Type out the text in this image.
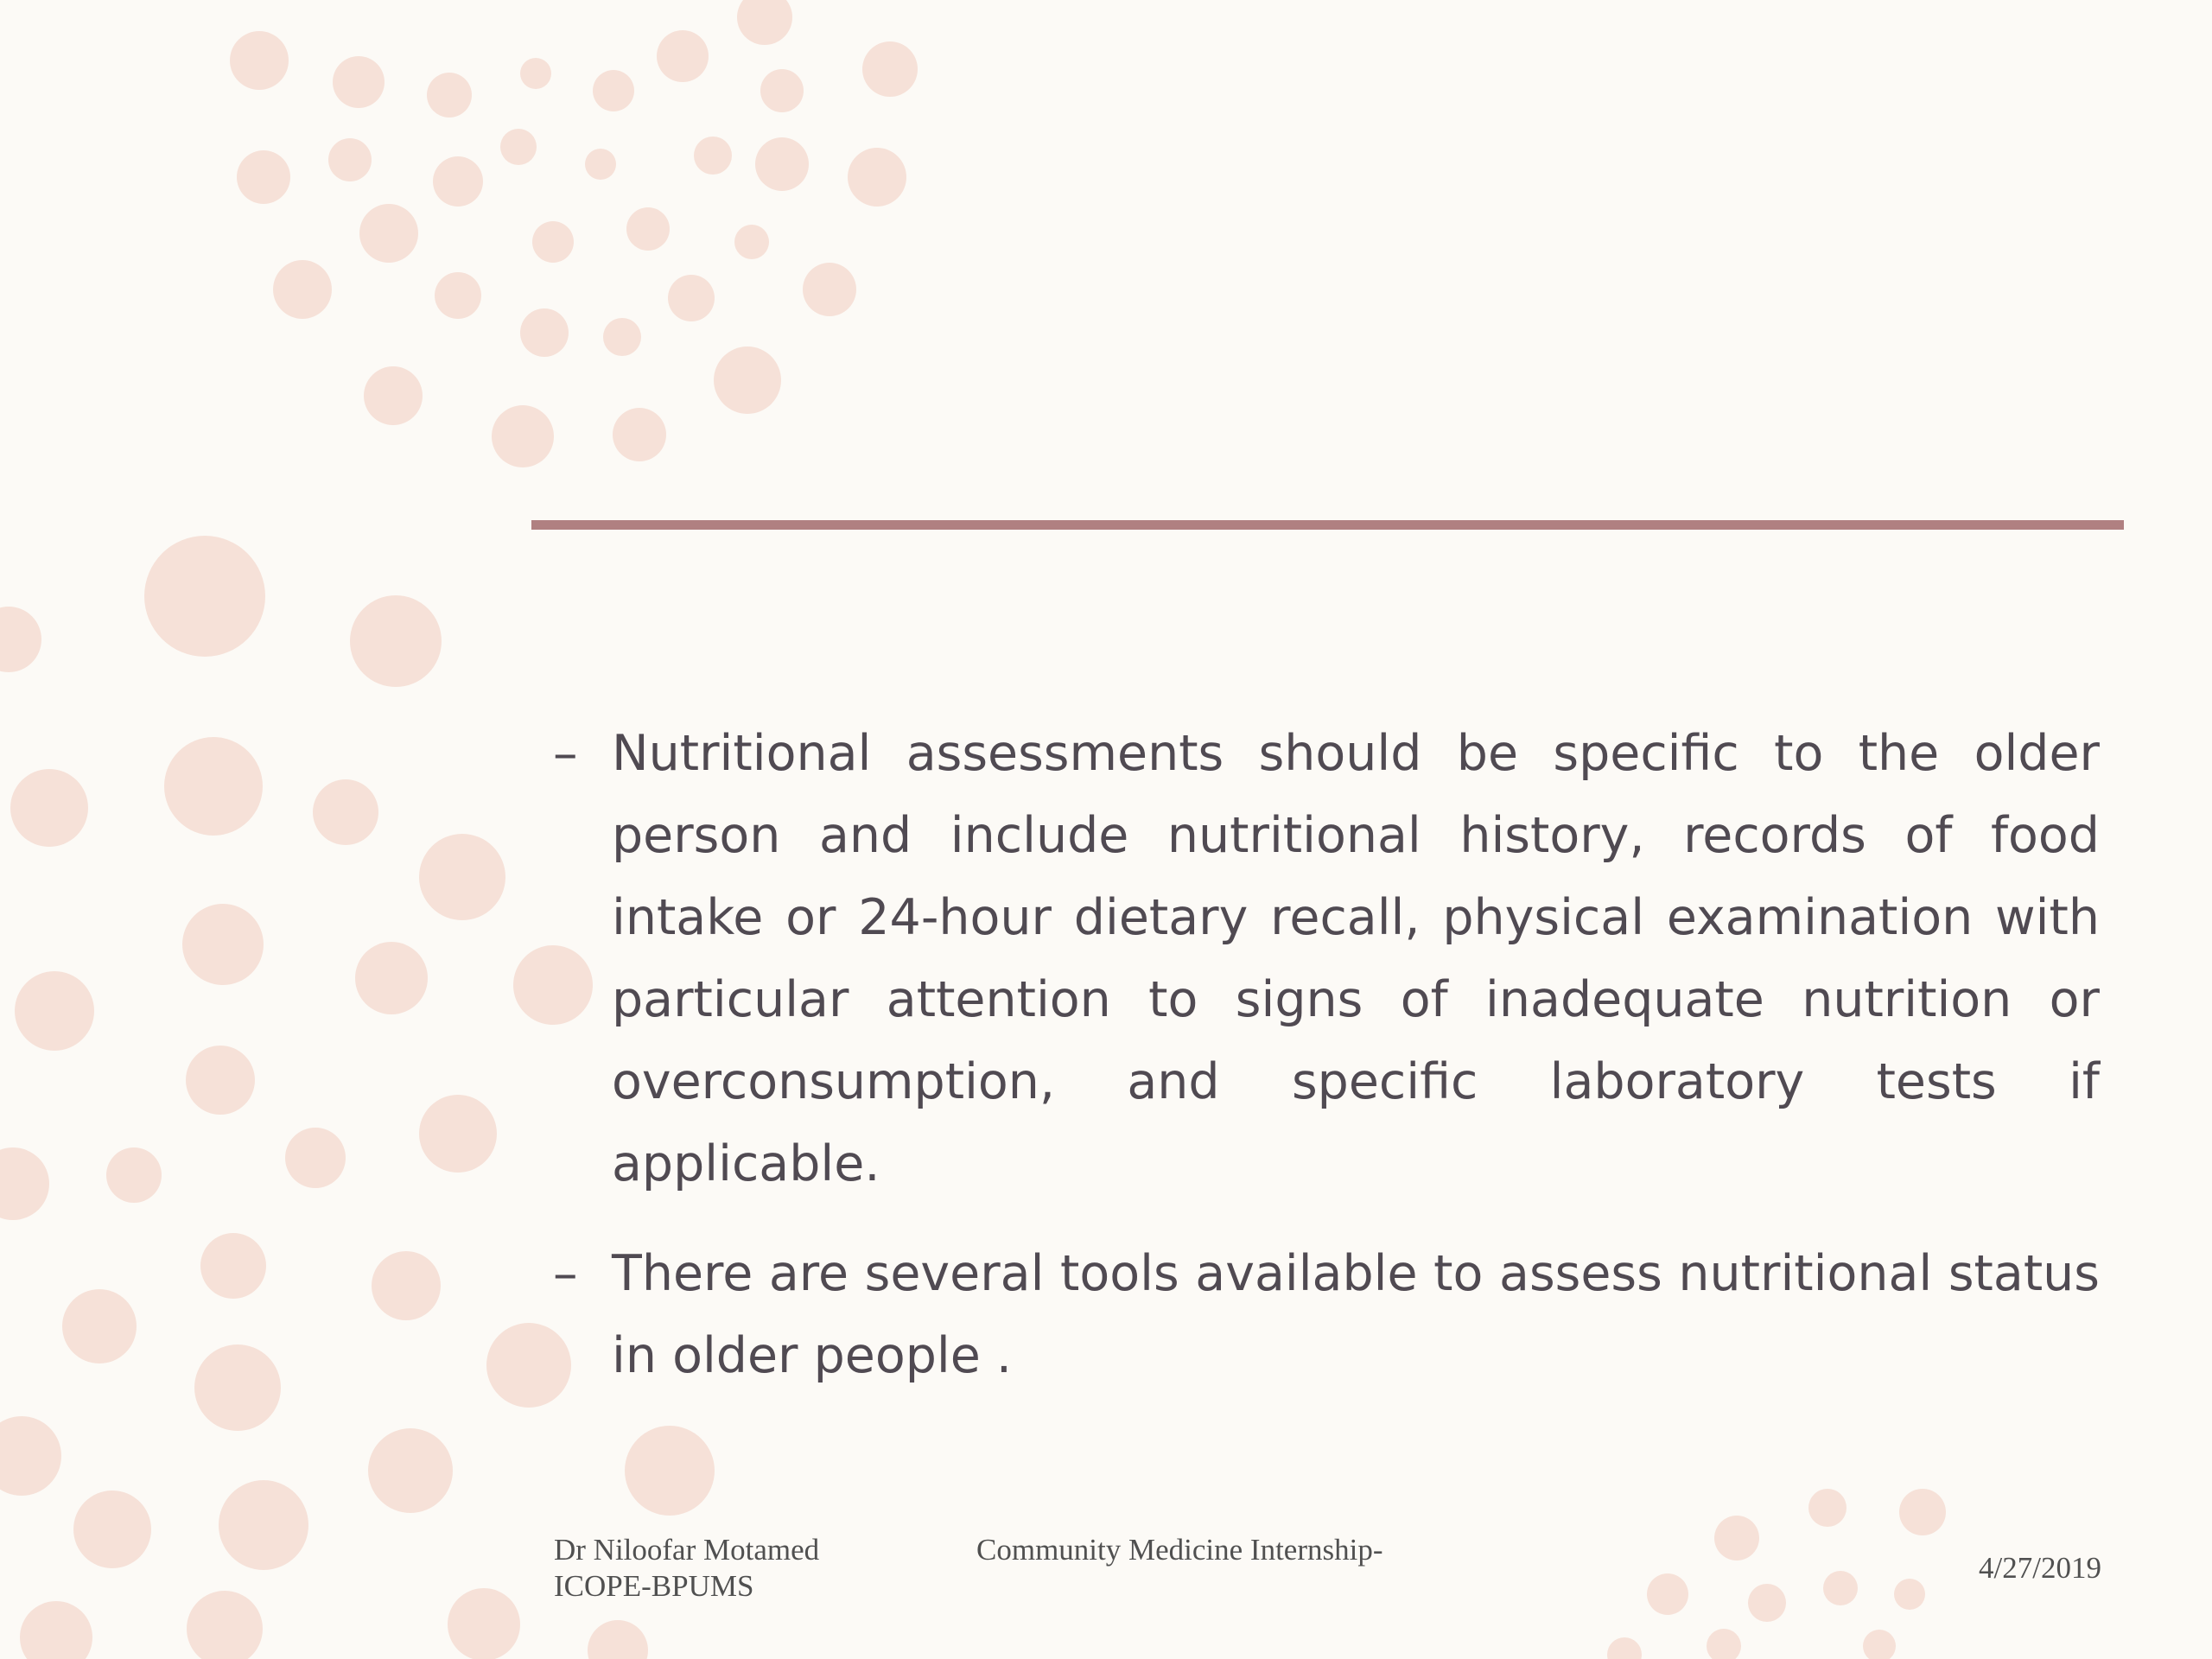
– Nutritional assessments should be specific to the older person and include nutritional history, records of food intake or 24-hour dietary recall, physical examination with particular attention to signs of inadequate nutrition or overconsumption, and specific laboratory tests if applicable.
– There are several tools available to assess nutritional status in older people .
Dr Niloofar Motamed
ICOPE-BPUMS
Community Medicine Internship-
4/27/2019
